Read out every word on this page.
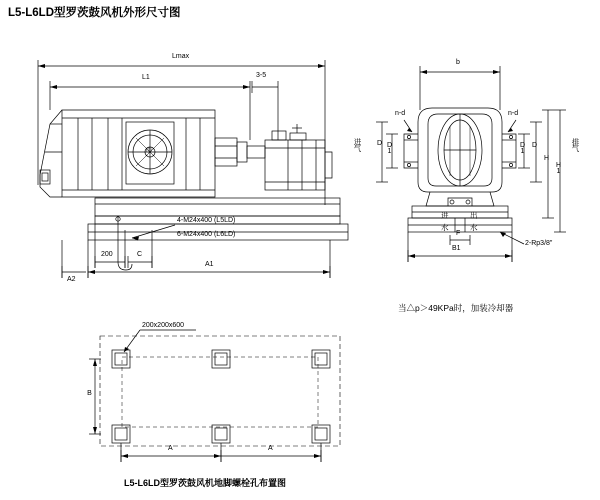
L5-L6LD型罗茨鼓风机外形尺寸图
Lmax
L1	3-5
中
4-M24x400 (L5LD)
6-M24x400 (L6LD)
200	C
A1
A2
b
n-d	n-d
进气	排气
D1
D	D1 D
H
H1
进	出
水	水
F
2-Rp3/8"
B1
当△p＞49KPa时，加装冷却器
200x200x600
A	A
B
L5-L6LD型罗茨鼓风机地脚螺栓孔布置图
